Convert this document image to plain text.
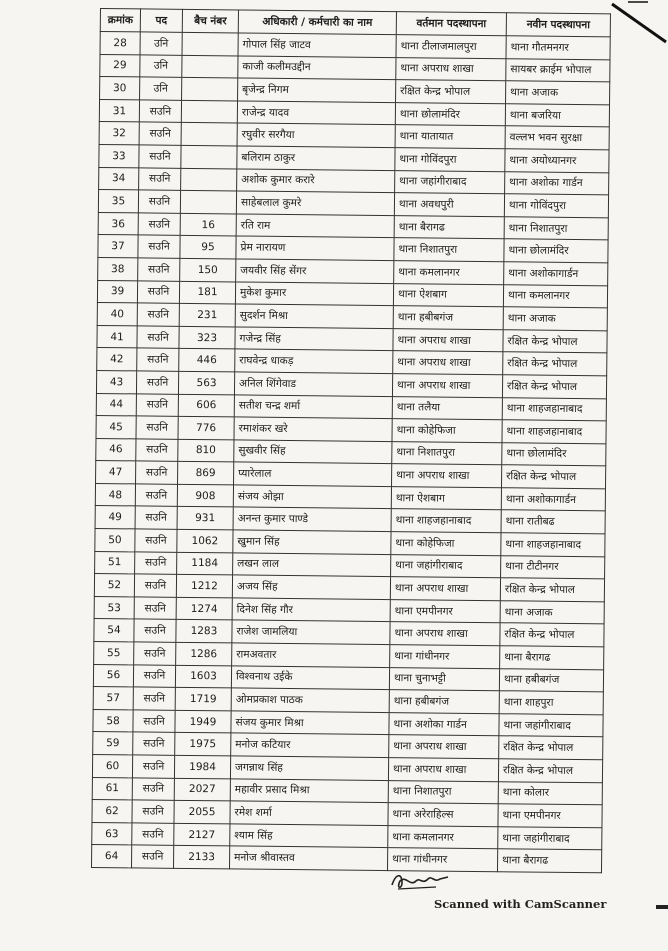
क्रमांक	पद	बैच नंबर	अधिकारी / कर्मचारी का नाम	वर्तमान पदस्थापना	नवीन पदस्थापना
28	उनि		गोपाल सिंह जाटव	थाना टीलाजमालपुरा	थाना गौतमनगर
29	उनि		काजी कलीमउद्दीन	थाना अपराध शाखा	सायबर क्राईम भोपाल
30	उनि		बृजेन्द्र निगम	रक्षित केन्द्र भोपाल	थाना अजाक
31	सउनि		राजेन्द्र यादव	थाना छोलामंदिर	थाना बजरिया
32	सउनि		रघुवीर सरगैया	थाना यातायात	वल्लभ भवन सुरक्षा
33	सउनि		बलिराम ठाकुर	थाना गोविंदपुरा	थाना अयोध्यानगर
34	सउनि		अशोक कुमार करारे	थाना जहांगीराबाद	थाना अशोका गार्डन
35	सउनि		साहेबलाल कुमरे	थाना अवधपुरी	थाना गोविंदपुरा
36	सउनि	16	रति राम	थाना बैरागढ	थाना निशातपुरा
37	सउनि	95	प्रेम नारायण	थाना निशातपुरा	थाना छोलामंदिर
38	सउनि	150	जयवीर सिंह सेंगर	थाना कमलानगर	थाना अशोकागार्डन
39	सउनि	181	मुकेश कुमार	थाना ऐशबाग	थाना कमलानगर
40	सउनि	231	सुदर्शन मिश्रा	थाना हबीबगंज	थाना अजाक
41	सउनि	323	गजेन्द्र सिंह	थाना अपराध शाखा	रक्षित केन्द्र भोपाल
42	सउनि	446	राघवेन्द्र धाकड़	थाना अपराध शाखा	रक्षित केन्द्र भोपाल
43	सउनि	563	अनिल शिंगेवाड	थाना अपराध शाखा	रक्षित केन्द्र भोपाल
44	सउनि	606	सतीश चन्द्र शर्मा	थाना तलैया	थाना शाहजहानाबाद
45	सउनि	776	रमाशंकर खरे	थाना कोहेफिजा	थाना शाहजहानाबाद
46	सउनि	810	सुखवीर सिंह	थाना निशातपुरा	थाना छोलामंदिर
47	सउनि	869	प्यारेलाल	थाना अपराध शाखा	रक्षित केन्द्र भोपाल
48	सउनि	908	संजय ओझा	थाना ऐशबाग	थाना अशोकागार्डन
49	सउनि	931	अनन्त कुमार पाण्डे	थाना शाहजहानाबाद	थाना रातीबढ
50	सउनि	1062	खुमान सिंह	थाना कोहेफिजा	थाना शाहजहानाबाद
51	सउनि	1184	लखन लाल	थाना जहांगीराबाद	थाना टीटीनगर
52	सउनि	1212	अजय सिंह	थाना अपराध शाखा	रक्षित केन्द्र भोपाल
53	सउनि	1274	दिनेश सिंह गौर	थाना एमपीनगर	थाना अजाक
54	सउनि	1283	राजेश जामलिया	थाना अपराध शाखा	रक्षित केन्द्र भोपाल
55	सउनि	1286	रामअवतार	थाना गांधीनगर	थाना बैरागढ
56	सउनि	1603	विश्वनाथ उईके	थाना चुनाभट्टी	थाना हबीबगंज
57	सउनि	1719	ओमप्रकाश पाठक	थाना हबीबगंज	थाना शाहपुरा
58	सउनि	1949	संजय कुमार मिश्रा	थाना अशोका गार्डन	थाना जहांगीराबाद
59	सउनि	1975	मनोज कटियार	थाना अपराध शाखा	रक्षित केन्द्र भोपाल
60	सउनि	1984	जगन्नाथ सिंह	थाना अपराध शाखा	रक्षित केन्द्र भोपाल
61	सउनि	2027	महावीर प्रसाद मिश्रा	थाना निशातपुरा	थाना कोलार
62	सउनि	2055	रमेश शर्मा	थाना अरेराहिल्स	थाना एमपीनगर
63	सउनि	2127	श्याम सिंह	थाना कमलानगर	थाना जहांगीराबाद
64	सउनि	2133	मनोज श्रीवास्तव	थाना गांधीनगर	थाना बैरागढ
Scanned with CamScanner
